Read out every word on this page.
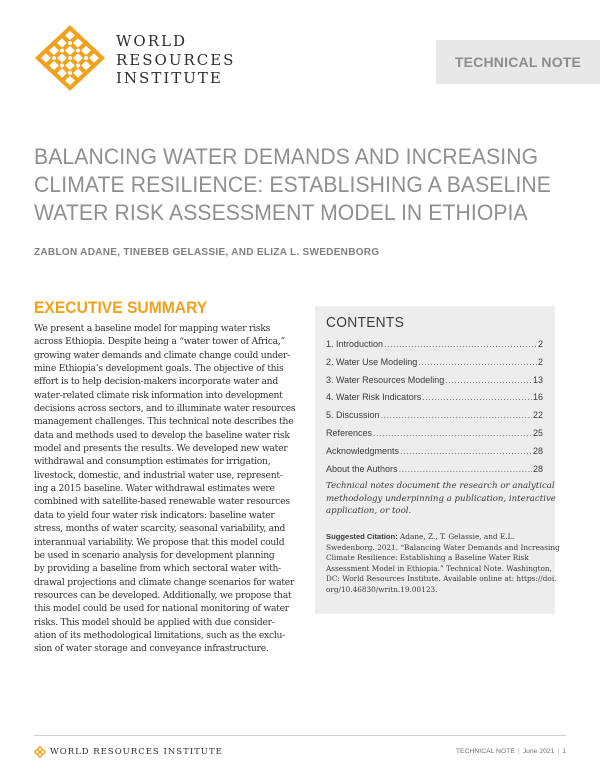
WORLD
RESOURCES
INSTITUTE
TECHNICAL NOTE
BALANCING WATER DEMANDS AND INCREASING
CLIMATE RESILIENCE: ESTABLISHING A BASELINE
WATER RISK ASSESSMENT MODEL IN ETHIOPIA
ZABLON ADANE, TINEBEB GELASSIE, AND ELIZA L. SWEDENBORG
EXECUTIVE SUMMARY
We present a baseline model for mapping water risks
across Ethiopia. Despite being a “water tower of Africa,”
growing water demands and climate change could under-
mine Ethiopia’s development goals. The objective of this
effort is to help decision-makers incorporate water and
water-related climate risk information into development
decisions across sectors, and to illuminate water resources
management challenges. This technical note describes the
data and methods used to develop the baseline water risk
model and presents the results. We developed new water
withdrawal and consumption estimates for irrigation,
livestock, domestic, and industrial water use, represent-
ing a 2015 baseline. Water withdrawal estimates were
combined with satellite-based renewable water resources
data to yield four water risk indicators: baseline water
stress, months of water scarcity, seasonal variability, and
interannual variability. We propose that this model could
be used in scenario analysis for development planning
by providing a baseline from which sectoral water with-
drawal projections and climate change scenarios for water
resources can be developed. Additionally, we propose that
this model could be used for national monitoring of water
risks. This model should be applied with due consider-
ation of its methodological limitations, such as the exclu-
sion of water storage and conveyance infrastructure.
CONTENTS
1. Introduction .....	2
2. Water Use Modeling .....	2
3. Water Resources Modeling .....	13
4. Water Risk Indicators .....	16
5. Discussion .....	22
References .....	25
Acknowledgments .....	28
About the Authors .....	28
Technical notes document the research or analytical
methodology underpinning a publication, interactive
application, or tool.
Suggested Citation: Adane, Z., T. Gelassie, and E.L.
Swedenborg. 2021. “Balancing Water Demands and Increasing
Climate Resilience: Establishing a Baseline Water Risk
Assessment Model in Ethiopia.” Technical Note. Washington,
DC: World Resources Institute. Available online at: https://doi.
org/10.46830/writn.19.00123.
WORLD RESOURCES INSTITUTE	TECHNICAL NOTE | June 2021 | 1
